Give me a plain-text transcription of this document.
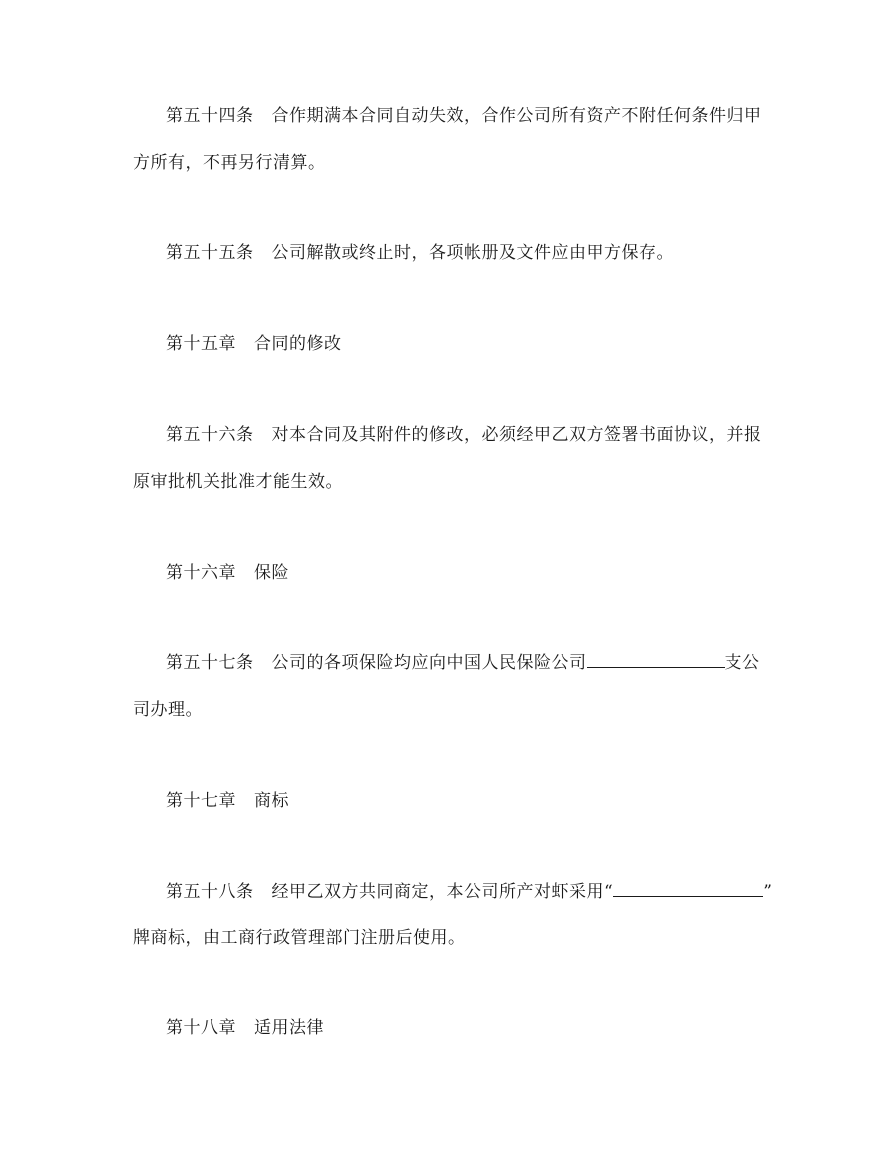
第五十四条 合作期满本合同自动失效，合作公司所有资产不附任何条件归甲
方所有，不再另行清算。
第五十五条 公司解散或终止时，各项帐册及文件应由甲方保存。
第十五章 合同的修改
第五十六条 对本合同及其附件的修改，必须经甲乙双方签署书面协议，并报
原审批机关批准才能生效。
第十六章 保险
第五十七条 公司的各项保险均应向中国人民保险公司	支公
司办理。
第十七章 商标
第五十八条 经甲乙双方共同商定，本公司所产对虾采用“	”
牌商标，由工商行政管理部门注册后使用。
第十八章 适用法律
